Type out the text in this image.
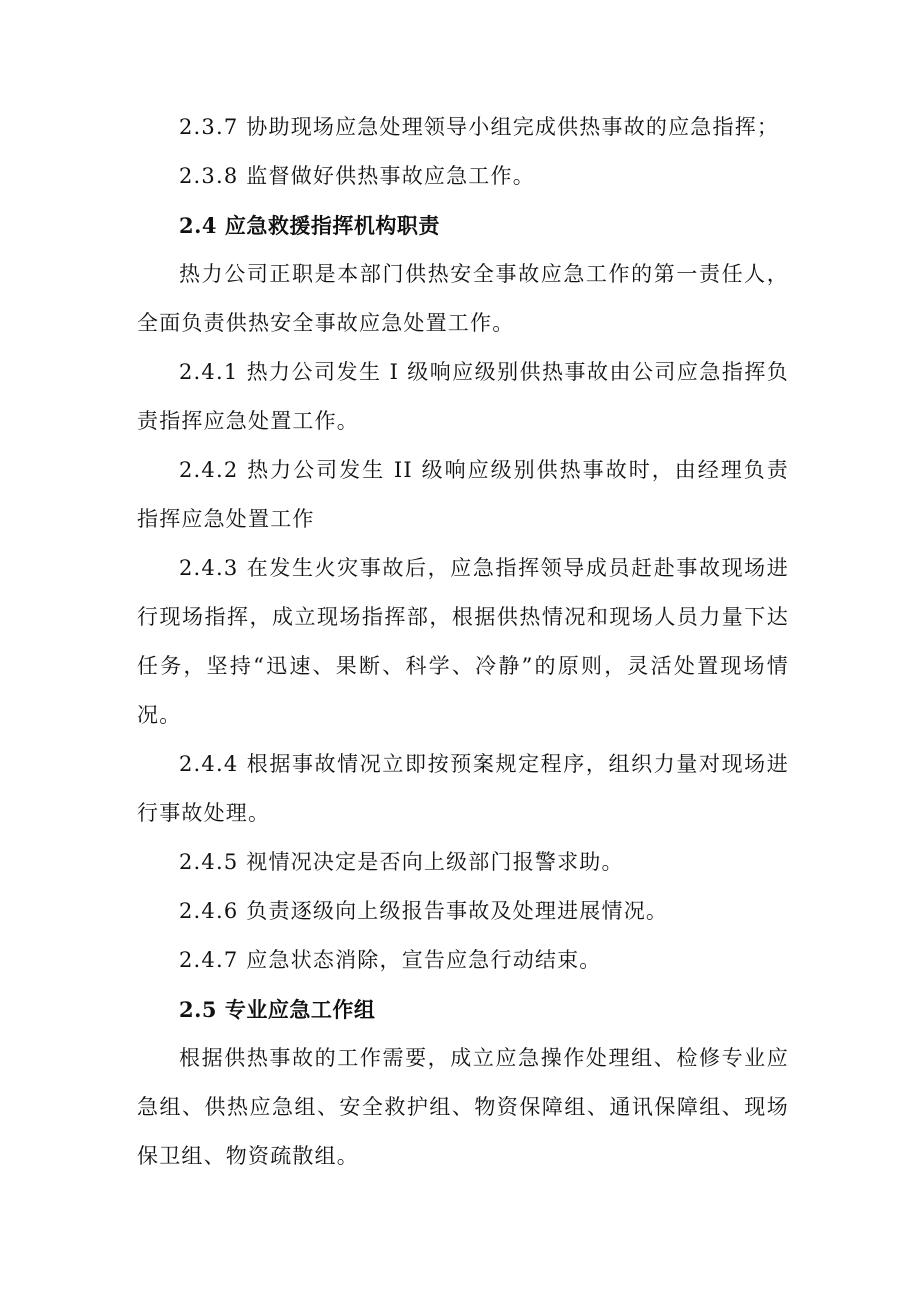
2.3.7 协助现场应急处理领导小组完成供热事故的应急指挥；

2.3.8 监督做好供热事故应急工作。

2.4 应急救援指挥机构职责

热力公司正职是本部门供热安全事故应急工作的第一责任人，全面负责供热安全事故应急处置工作。

2.4.1 热力公司发生 I 级响应级别供热事故由公司应急指挥负责指挥应急处置工作。

2.4.2 热力公司发生 II 级响应级别供热事故时，由经理负责指挥应急处置工作

2.4.3 在发生火灾事故后，应急指挥领导成员赶赴事故现场进行现场指挥，成立现场指挥部，根据供热情况和现场人员力量下达任务，坚持“迅速、果断、科学、冷静”的原则，灵活处置现场情况。

2.4.4 根据事故情况立即按预案规定程序，组织力量对现场进行事故处理。

2.4.5 视情况决定是否向上级部门报警求助。

2.4.6 负责逐级向上级报告事故及处理进展情况。

2.4.7 应急状态消除，宣告应急行动结束。

2.5 专业应急工作组

根据供热事故的工作需要，成立应急操作处理组、检修专业应急组、供热应急组、安全救护组、物资保障组、通讯保障组、现场保卫组、物资疏散组。
